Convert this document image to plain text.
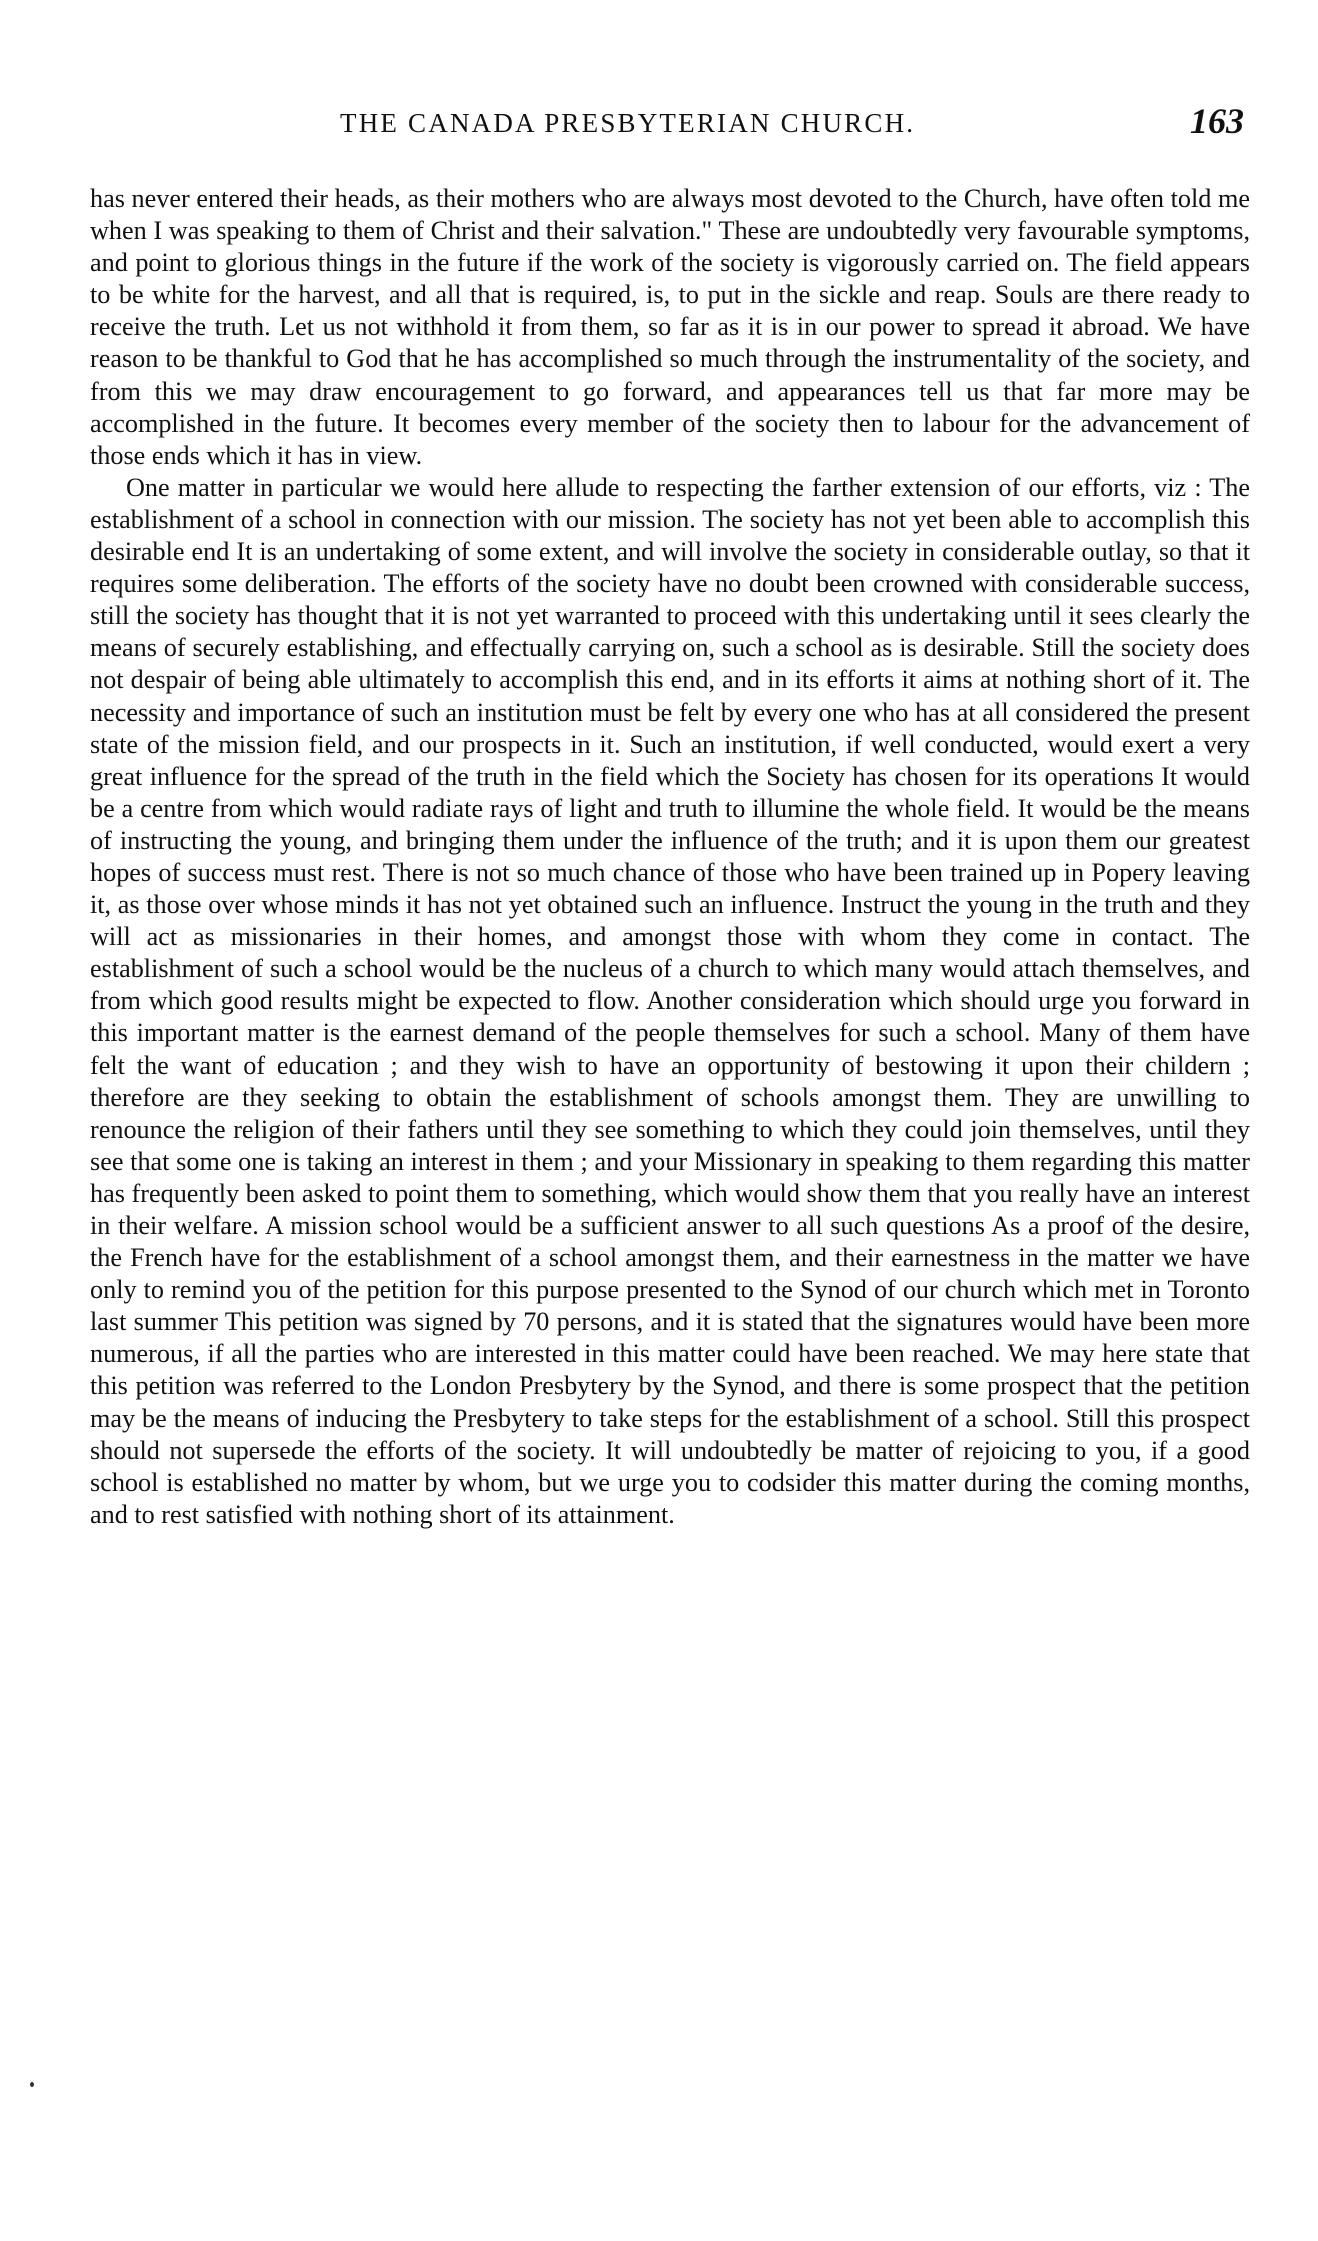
THE CANADA PRESBYTERIAN CHURCH.	163

has never entered their heads, as their mothers who are always most devoted to the Church, have often told me when I was speaking to them of Christ and their salvation." These are undoubtedly very favourable symptoms, and point to glorious things in the future if the work of the society is vigorously carried on. The field appears to be white for the harvest, and all that is required, is, to put in the sickle and reap. Souls are there ready to receive the truth. Let us not withhold it from them, so far as it is in our power to spread it abroad. We have reason to be thankful to God that he has accomplished so much through the instrumentality of the society, and from this we may draw encouragement to go forward, and appearances tell us that far more may be accomplished in the future. It becomes every member of the society then to labour for the advancement of those ends which it has in view.

One matter in particular we would here allude to respecting the farther extension of our efforts, viz : The establishment of a school in connection with our mission. The society has not yet been able to accomplish this desirable end It is an undertaking of some extent, and will involve the society in considerable outlay, so that it requires some deliberation. The efforts of the society have no doubt been crowned with considerable success, still the society has thought that it is not yet warranted to proceed with this undertaking until it sees clearly the means of securely establishing, and effectually carrying on, such a school as is desirable. Still the society does not despair of being able ultimately to accomplish this end, and in its efforts it aims at nothing short of it. The necessity and importance of such an institution must be felt by every one who has at all considered the present state of the mission field, and our prospects in it. Such an institution, if well conducted, would exert a very great influence for the spread of the truth in the field which the Society has chosen for its operations It would be a centre from which would radiate rays of light and truth to illumine the whole field. It would be the means of instructing the young, and bringing them under the influence of the truth; and it is upon them our greatest hopes of success must rest. There is not so much chance of those who have been trained up in Popery leaving it, as those over whose minds it has not yet obtained such an influence. Instruct the young in the truth and they will act as missionaries in their homes, and amongst those with whom they come in contact. The establishment of such a school would be the nucleus of a church to which many would attach themselves, and from which good results might be expected to flow. Another consideration which should urge you forward in this important matter is the earnest demand of the people themselves for such a school. Many of them have felt the want of education ; and they wish to have an opportunity of bestowing it upon their childern ; therefore are they seeking to obtain the establishment of schools amongst them. They are unwilling to renounce the religion of their fathers until they see something to which they could join themselves, until they see that some one is taking an interest in them ; and your Missionary in speaking to them regarding this matter has frequently been asked to point them to something, which would show them that you really have an interest in their welfare. A mission school would be a sufficient answer to all such questions As a proof of the desire, the French have for the establishment of a school amongst them, and their earnestness in the matter we have only to remind you of the petition for this purpose presented to the Synod of our church which met in Toronto last summer This petition was signed by 70 persons, and it is stated that the signatures would have been more numerous, if all the parties who are interested in this matter could have been reached. We may here state that this petition was referred to the London Presbytery by the Synod, and there is some prospect that the petition may be the means of inducing the Presbytery to take steps for the establishment of a school. Still this prospect should not supersede the efforts of the society. It will undoubtedly be matter of rejoicing to you, if a good school is established no matter by whom, but we urge you to codsider this matter during the coming months, and to rest satisfied with nothing short of its attainment.
